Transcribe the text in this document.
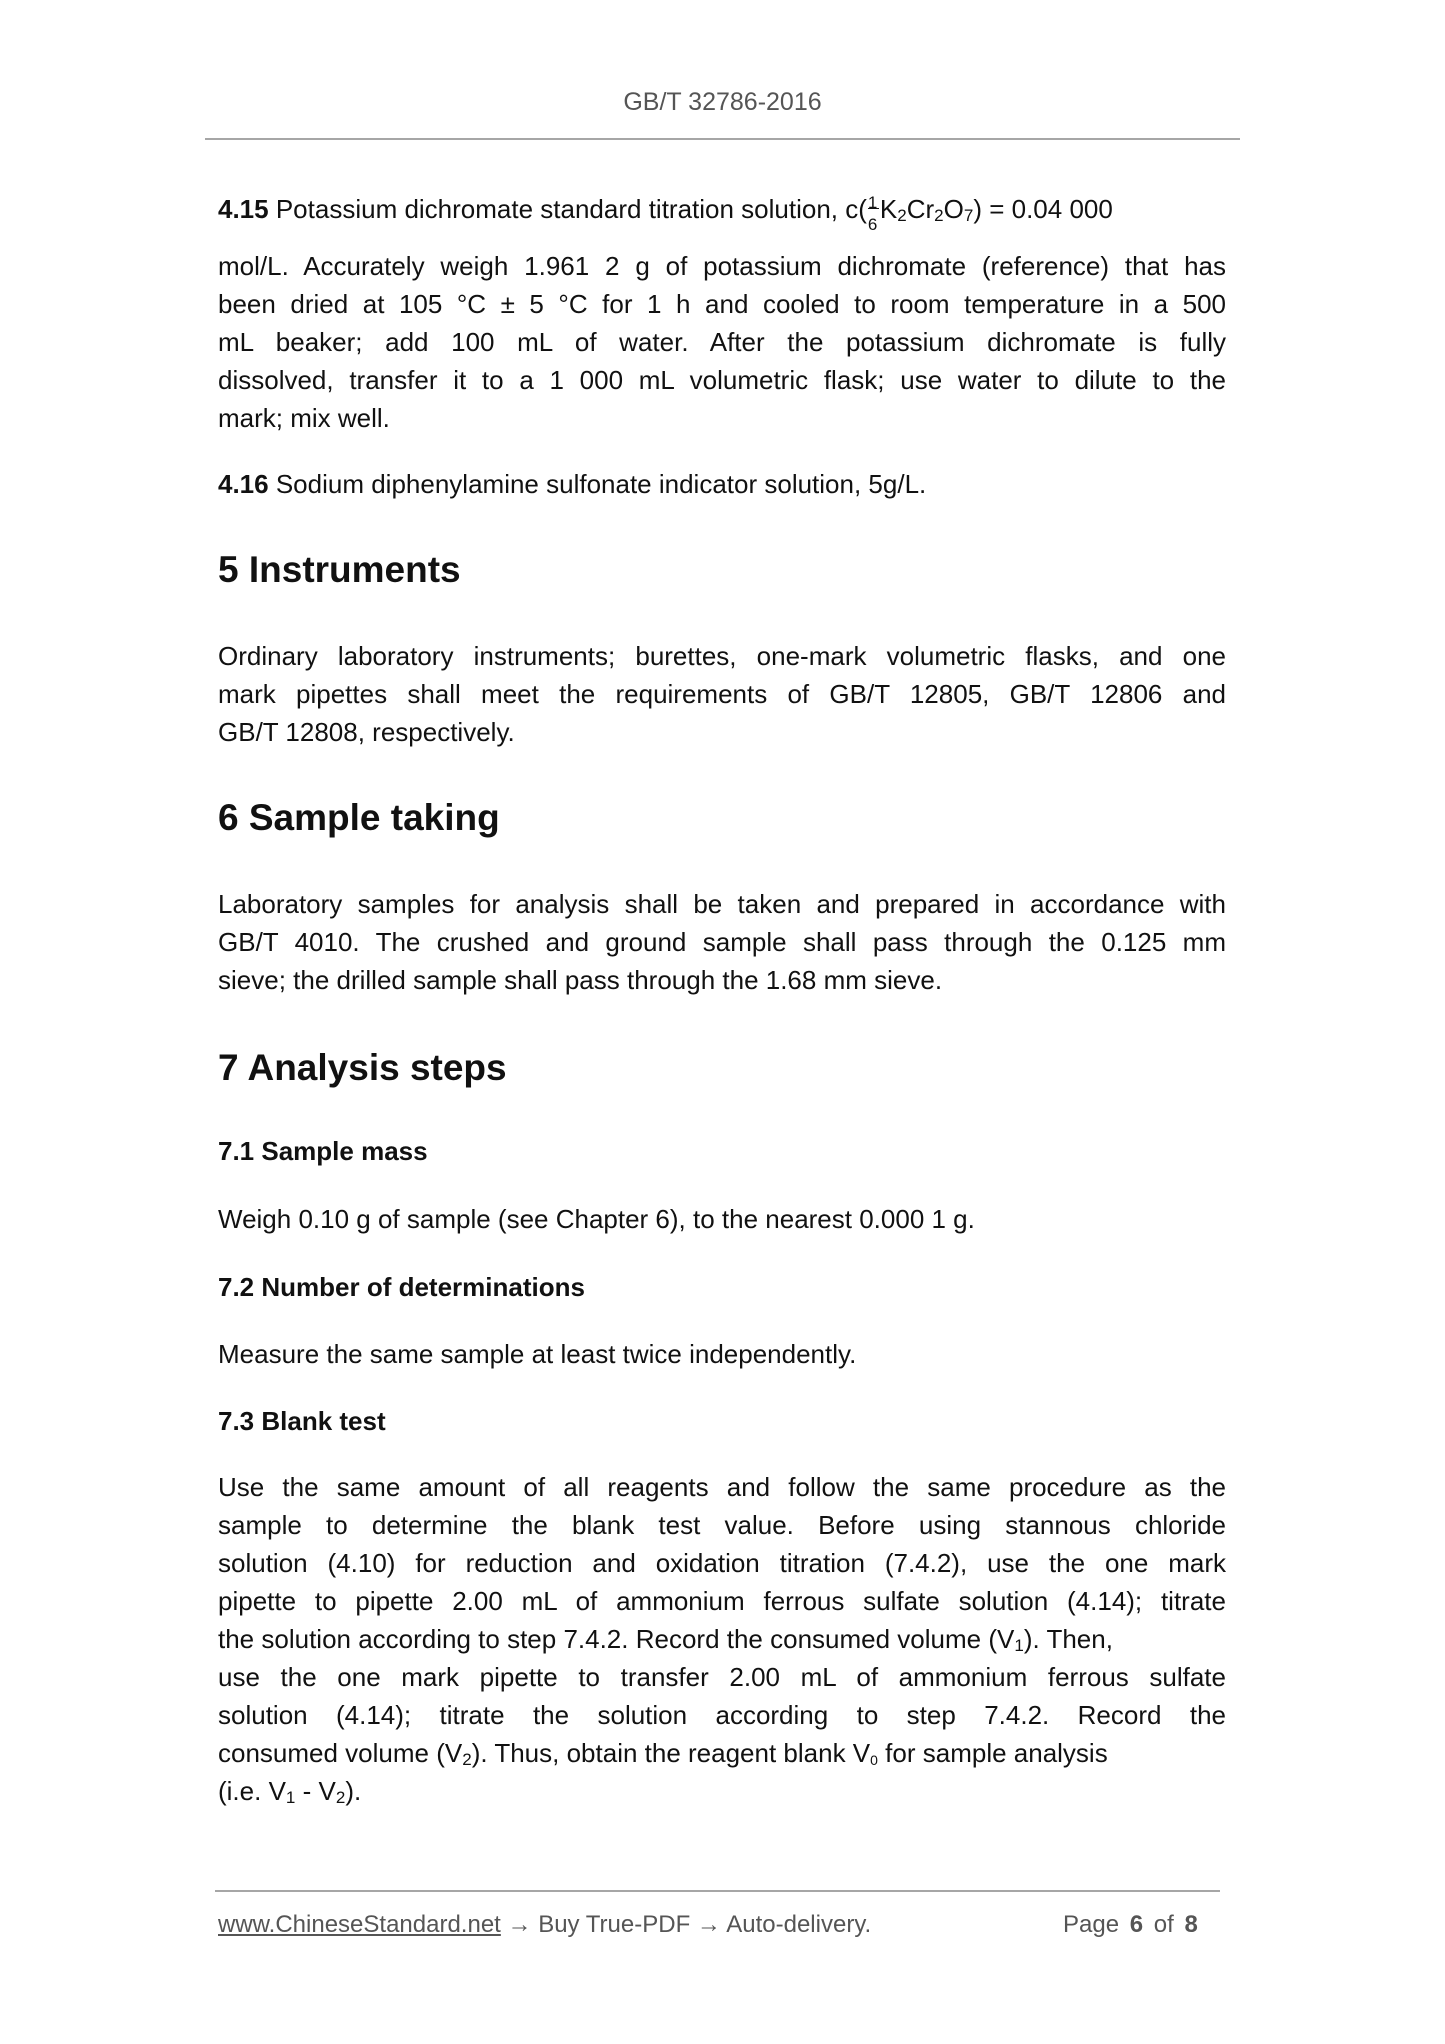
GB/T 32786-2016
4.15 Potassium dichromate standard titration solution, c( 1
6
K2Cr2O7) = 0.04 000
mol/L. Accurately weigh 1.961 2 g of potassium dichromate (reference) that has
been dried at 105 °C ± 5 °C for 1 h and cooled to room temperature in a 500
mL beaker; add 100 mL of water. After the potassium dichromate is fully
dissolved, transfer it to a 1 000 mL volumetric flask; use water to dilute to the
mark; mix well.
4.16 Sodium diphenylamine sulfonate indicator solution, 5g/L.
5 Instruments
Ordinary laboratory instruments; burettes, one-mark volumetric flasks, and one
mark pipettes shall meet the requirements of GB/T 12805, GB/T 12806 and
GB/T 12808, respectively.
6 Sample taking
Laboratory samples for analysis shall be taken and prepared in accordance with
GB/T 4010. The crushed and ground sample shall pass through the 0.125 mm
sieve; the drilled sample shall pass through the 1.68 mm sieve.
7 Analysis steps
7.1 Sample mass
Weigh 0.10 g of sample (see Chapter 6), to the nearest 0.000 1 g.
7.2 Number of determinations
Measure the same sample at least twice independently.
7.3 Blank test
Use the same amount of all reagents and follow the same procedure as the
sample to determine the blank test value. Before using stannous chloride
solution (4.10) for reduction and oxidation titration (7.4.2), use the one mark
pipette to pipette 2.00 mL of ammonium ferrous sulfate solution (4.14); titrate
the solution according to step 7.4.2. Record the consumed volume (V1). Then,
use the one mark pipette to transfer 2.00 mL of ammonium ferrous sulfate
solution (4.14); titrate the solution according to step 7.4.2. Record the
consumed volume (V2). Thus, obtain the reagent blank $V_0$ for sample analysis
(i.e. V1 - V2).
www.ChineseStandard.net → Buy True-PDF → Auto-delivery.	Page 6 of 8
